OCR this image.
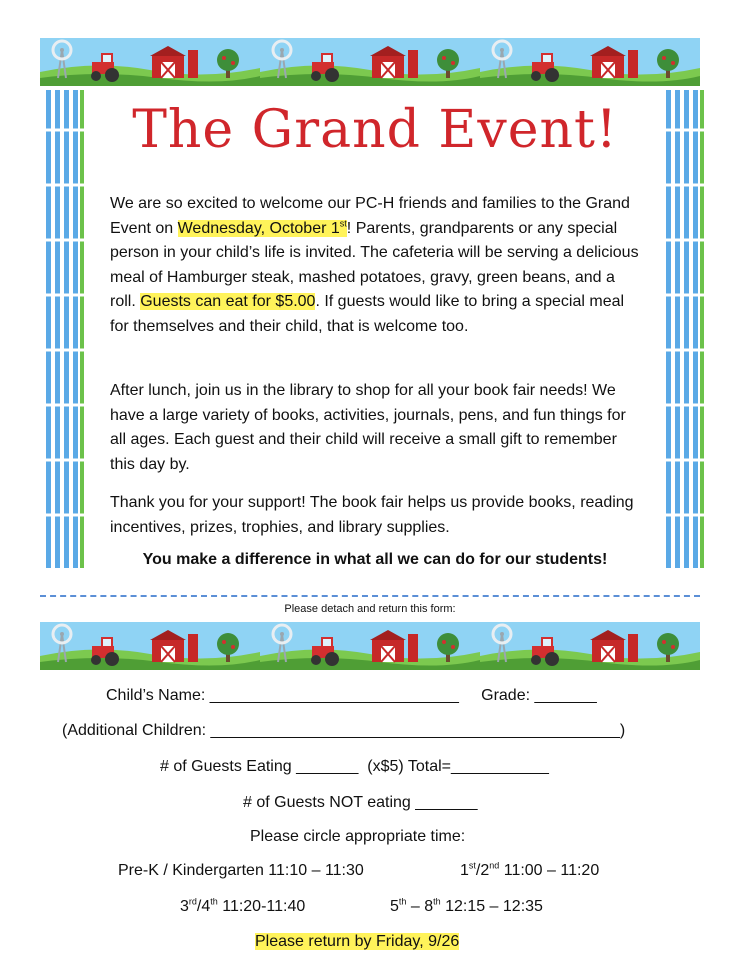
The Grand Event!

We are so excited to welcome our PC-H friends and families to the Grand Event on Wednesday, October 1st! Parents, grandparents or any special person in your child’s life is invited. The cafeteria will be serving a delicious meal of Hamburger steak, mashed potatoes, gravy, green beans, and a roll. Guests can eat for $5.00. If guests would like to bring a special meal for themselves and their child, that is welcome too.

After lunch, join us in the library to shop for all your book fair needs! We have a large variety of books, activities, journals, pens, and fun things for all ages. Each guest and their child will receive a small gift to remember this day by.

Thank you for your support! The book fair helps us provide books, reading incentives, prizes, trophies, and library supplies.

You make a difference in what all we can do for our students!
Please detach and return this form:
Child’s Name: ____________________________     Grade: _______
(Additional Children: ______________________________________________)
# of Guests Eating _______  (x$5) Total=___________
# of Guests NOT eating _______
Please circle appropriate time:
Pre-K / Kindergarten 11:10 – 11:30	1st/2nd 11:00 – 11:20
3rd/4th 11:20-11:40	5th – 8th 12:15 – 12:35
Please return by Friday, 9/26
